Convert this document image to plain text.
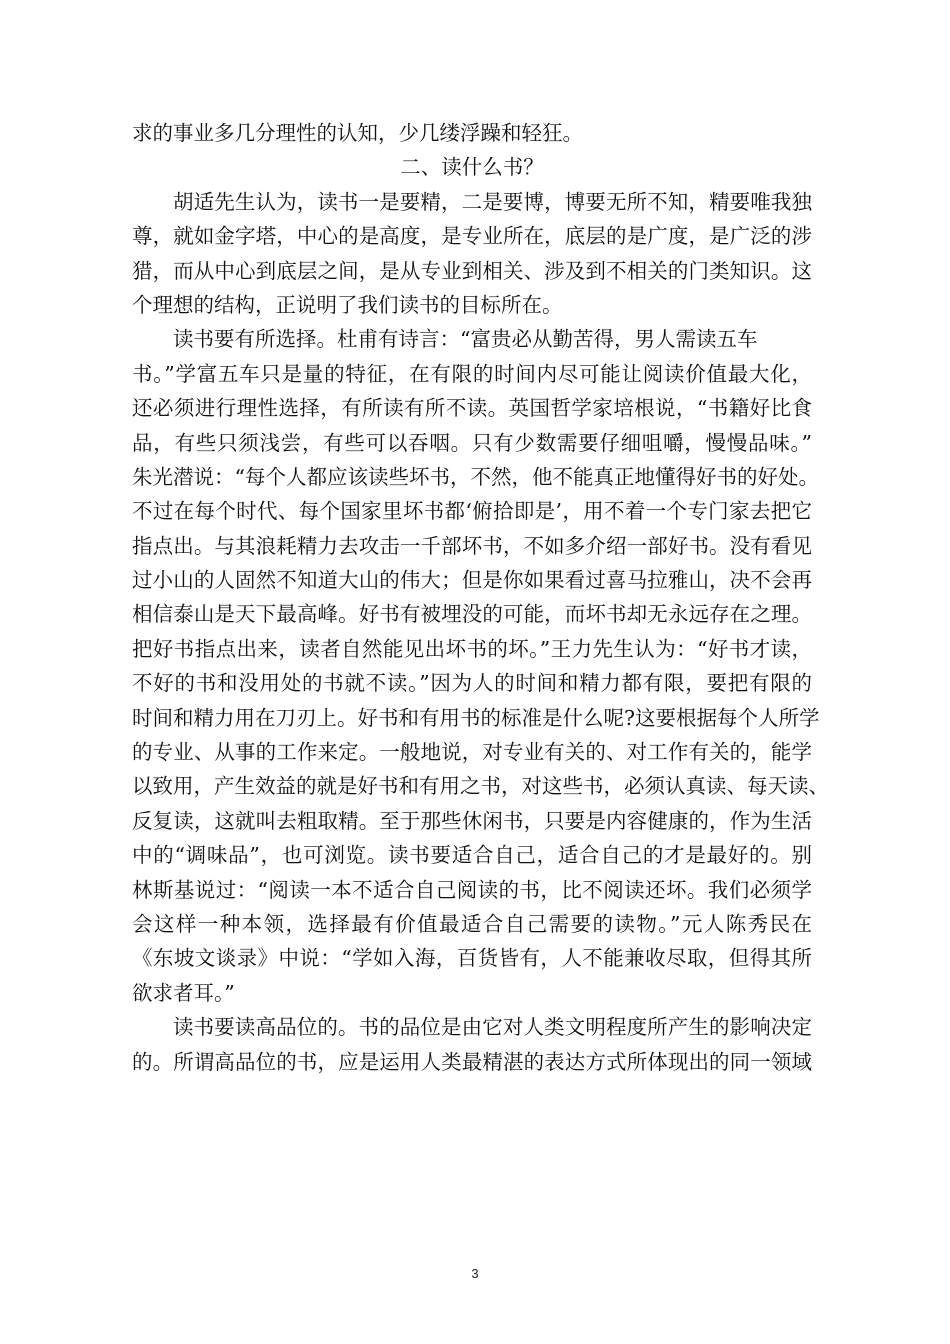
求的事业多几分理性的认知，少几缕浮躁和轻狂。
二、读什么书？
胡适先生认为，读书一是要精，二是要博，博要无所不知，精要唯我独
尊，就如金字塔，中心的是高度，是专业所在，底层的是广度，是广泛的涉
猎，而从中心到底层之间，是从专业到相关、涉及到不相关的门类知识。这
个理想的结构，正说明了我们读书的目标所在。
读书要有所选择。杜甫有诗言：“富贵必从勤苦得，男人需读五车
书。”学富五车只是量的特征，在有限的时间内尽可能让阅读价值最大化，
还必须进行理性选择，有所读有所不读。英国哲学家培根说，“书籍好比食
品，有些只须浅尝，有些可以吞咽。只有少数需要仔细咀嚼，慢慢品味。”
朱光潜说：“每个人都应该读些坏书，不然，他不能真正地懂得好书的好处。
不过在每个时代、每个国家里坏书都‘俯拾即是’，用不着一个专门家去把它
指点出。与其浪耗精力去攻击一千部坏书，不如多介绍一部好书。没有看见
过小山的人固然不知道大山的伟大；但是你如果看过喜马拉雅山，决不会再
相信泰山是天下最高峰。好书有被埋没的可能，而坏书却无永远存在之理。
把好书指点出来，读者自然能见出坏书的坏。”王力先生认为：“好书才读，
不好的书和没用处的书就不读。”因为人的时间和精力都有限，要把有限的
时间和精力用在刀刃上。好书和有用书的标准是什么呢?这要根据每个人所学
的专业、从事的工作来定。一般地说，对专业有关的、对工作有关的，能学
以致用，产生效益的就是好书和有用之书，对这些书，必须认真读、每天读、
反复读，这就叫去粗取精。至于那些休闲书，只要是内容健康的，作为生活
中的“调味品”，也可浏览。读书要适合自己，适合自己的才是最好的。别
林斯基说过：“阅读一本不适合自己阅读的书，比不阅读还坏。我们必须学
会这样一种本领，选择最有价值最适合自己需要的读物。”元人陈秀民在
《东坡文谈录》中说：“学如入海，百货皆有，人不能兼收尽取，但得其所
欲求者耳。”
读书要读高品位的。书的品位是由它对人类文明程度所产生的影响决定
的。所谓高品位的书，应是运用人类最精湛的表达方式所体现出的同一领域
3
